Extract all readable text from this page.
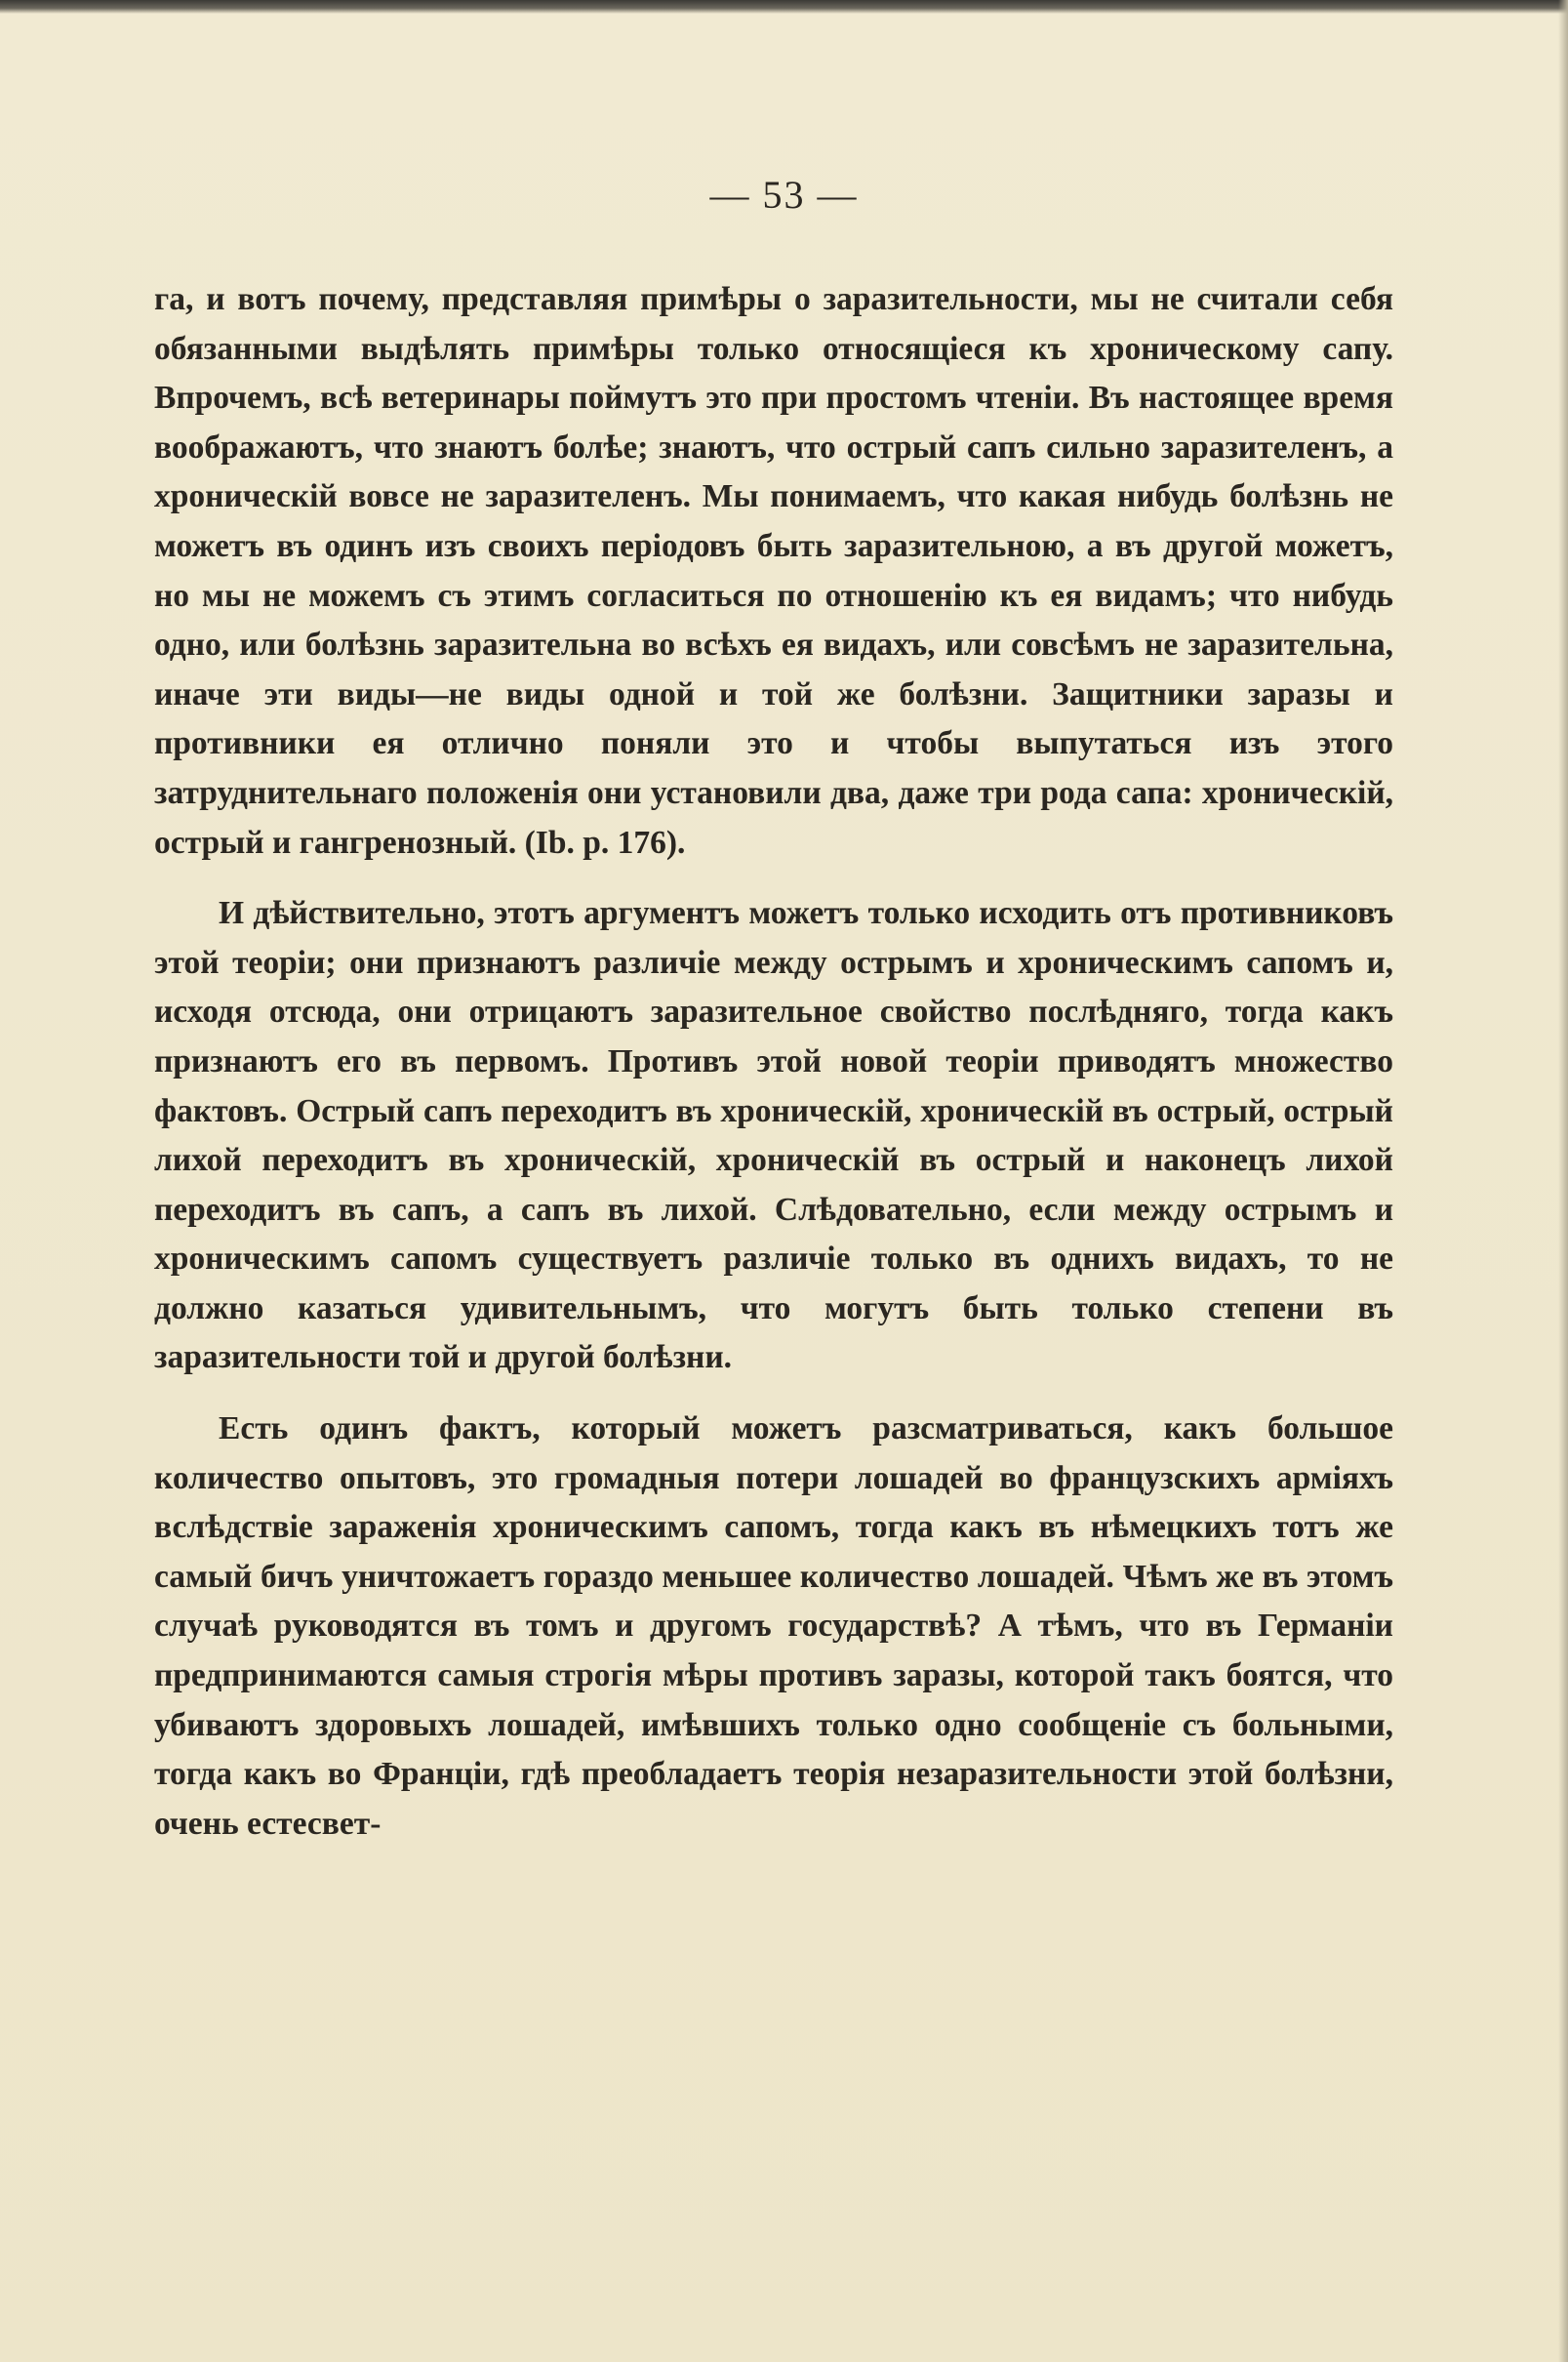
— 53 —

га, и вотъ почему, представляя примѣры о заразительности, мы не считали себя обязанными выдѣлять примѣры только относящіеся къ хроническому сапу. Впрочемъ, всѣ ветеринары поймутъ это при простомъ чтеніи. Въ настоящее время воображаютъ, что знаютъ болѣе; знаютъ, что острый сапъ сильно заразителенъ, а хроническій вовсе не заразителенъ. Мы понимаемъ, что какая нибудь болѣзнь не можетъ въ одинъ изъ своихъ періодовъ быть заразительною, а въ другой можетъ, но мы не можемъ съ этимъ согласиться по отношенію къ ея видамъ; что нибудь одно, или болѣзнь заразительна во всѣхъ ея видахъ, или совсѣмъ не заразительна, иначе эти виды—не виды одной и той же болѣзни. Защитники заразы и противники ея отлично поняли это и чтобы выпутаться изъ этого затруднительнаго положенія они установили два, даже три рода сапа: хроническій, острый и гангренозный. (Ib. p. 176).

И дѣйствительно, этотъ аргументъ можетъ только исходить отъ противниковъ этой теоріи; они признаютъ различіе между острымъ и хроническимъ сапомъ и, исходя отсюда, они отрицаютъ заразительное свойство послѣдняго, тогда какъ признаютъ его въ первомъ. Противъ этой новой теоріи приводятъ множество фактовъ. Острый сапъ переходитъ въ хроническій, хроническій въ острый, острый лихой переходитъ въ хроническій, хроническій въ острый и наконецъ лихой переходитъ въ сапъ, а сапъ въ лихой. Слѣдовательно, если между острымъ и хроническимъ сапомъ существуетъ различіе только въ однихъ видахъ, то не должно казаться удивительнымъ, что могутъ быть только степени въ заразительности той и другой болѣзни.

Есть одинъ фактъ, который можетъ разсматриваться, какъ большое количество опытовъ, это громадныя потери лошадей во французскихъ арміяхъ вслѣдствіе зараженія хроническимъ сапомъ, тогда какъ въ нѣмецкихъ тотъ же самый бичъ уничтожаетъ гораздо меньшее количество лошадей. Чѣмъ же въ этомъ случаѣ руководятся въ томъ и другомъ государствѣ? А тѣмъ, что въ Германіи предпринимаются самыя строгія мѣры противъ заразы, которой такъ боятся, что убиваютъ здоровыхъ лошадей, имѣвшихъ только одно сообщеніе съ больными, тогда какъ во Франціи, гдѣ преобладаетъ теорія незаразительности этой болѣзни, очень естесвет-
